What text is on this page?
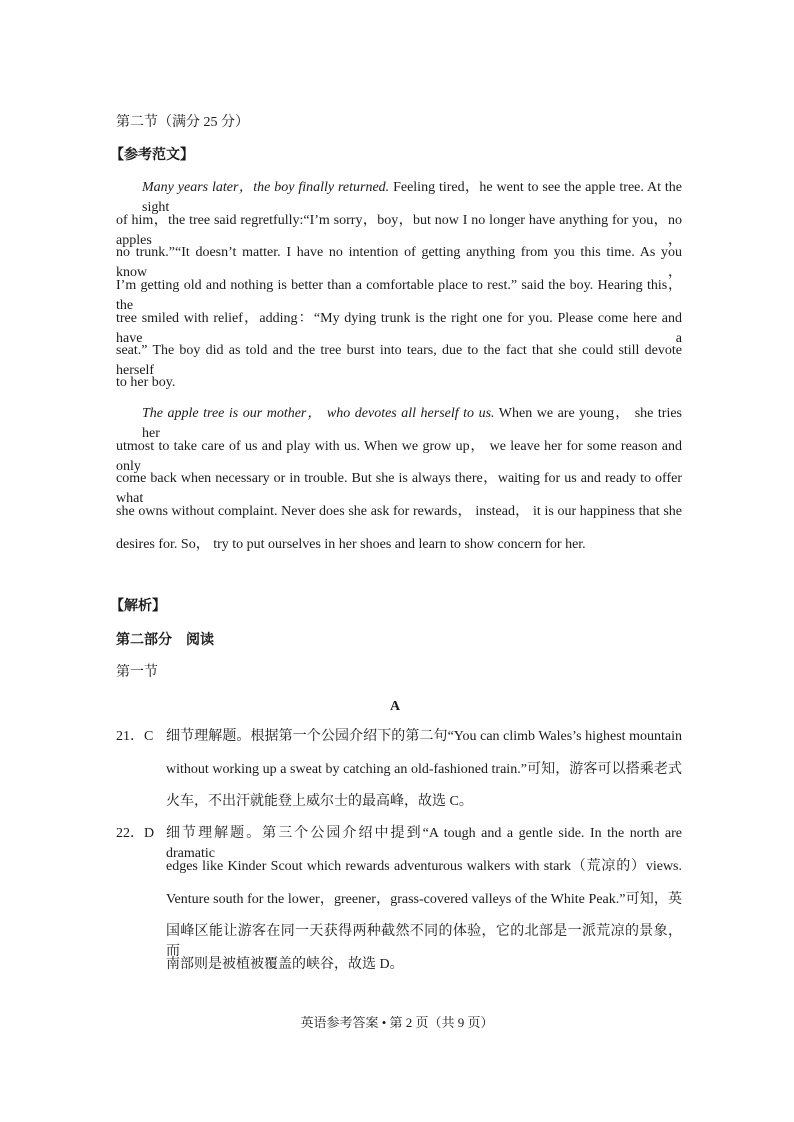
第二节（满分 25 分）
【参考范文】
Many years later，the boy finally returned. Feeling tired，he went to see the apple tree. At the sight
of him，the tree said regretfully:“I’m sorry，boy，but now I no longer have anything for you，no apples，
no trunk.”“It doesn’t matter. I have no intention of getting anything from you this time. As you know，
I’m getting old and nothing is better than a comfortable place to rest.” said the boy. Hearing this， the
tree smiled with relief，adding：“My dying trunk is the right one for you. Please come here and have a
seat.” The boy did as told and the tree burst into tears, due to the fact that she could still devote herself
to her boy.
The apple tree is our mother， who devotes all herself to us. When we are young， she tries her
utmost to take care of us and play with us. When we grow up， we leave her for some reason and only
come back when necessary or in trouble. But she is always there，waiting for us and ready to offer what
she owns without complaint. Never does she ask for rewards， instead， it is our happiness that she
desires for. So， try to put ourselves in her shoes and learn to show concern for her.
【解析】
第二部分　阅读
第一节
A
21．C 细节理解题。根据第一个公园介绍下的第二句“You can climb Wales’s highest mountain
without working up a sweat by catching an old-fashioned train.”可知，游客可以搭乘老式
火车，不出汗就能登上威尔士的最高峰，故选 C。
22．D 细节理解题。第三个公园介绍中提到“A tough and a gentle side. In the north are dramatic
edges like Kinder Scout which rewards adventurous walkers with stark（荒凉的）views.
Venture south for the lower，greener，grass-covered valleys of the White Peak.”可知，英
国峰区能让游客在同一天获得两种截然不同的体验，它的北部是一派荒凉的景象，而
南部则是被植被覆盖的峡谷，故选 D。
英语参考答案 • 第 2 页（共 9 页）
